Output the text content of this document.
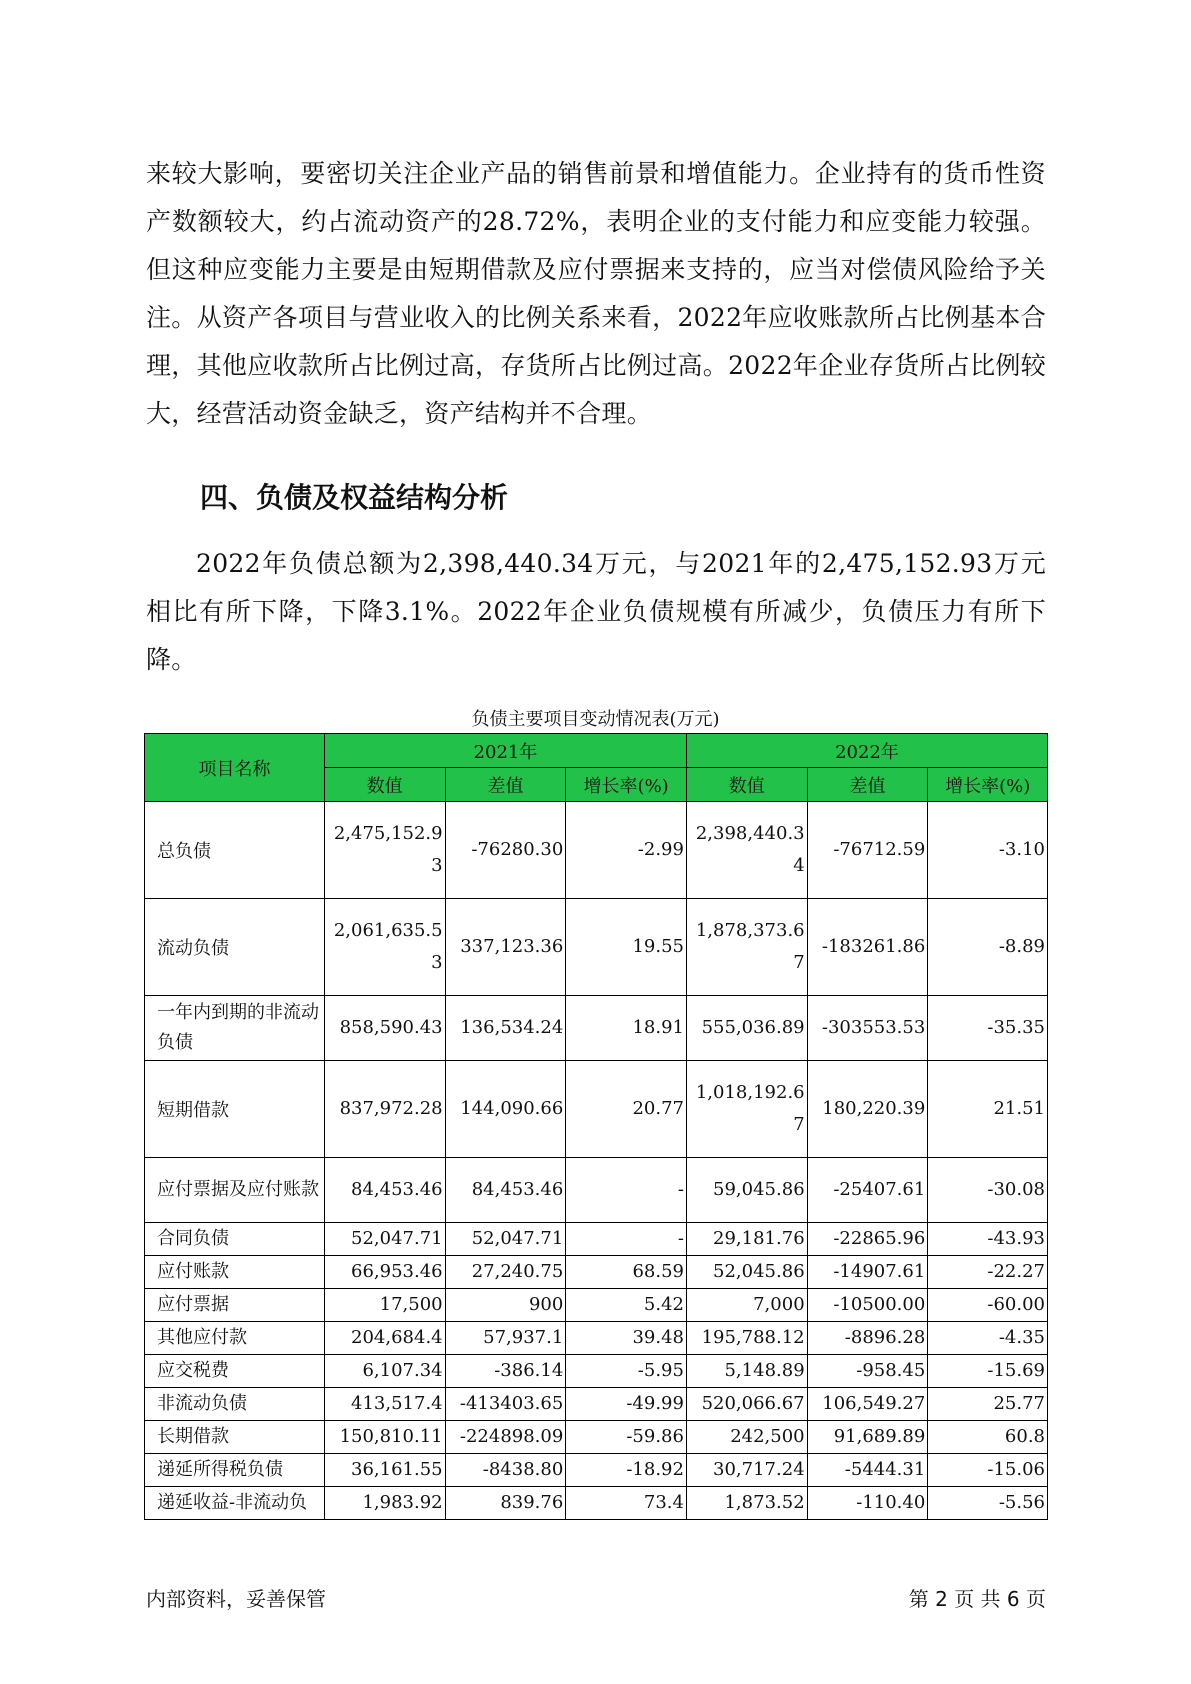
来较大影响，要密切关注企业产品的销售前景和增值能力。企业持有的货币性资产数额较大，约占流动资产的28.72%，表明企业的支付能力和应变能力较强。但这种应变能力主要是由短期借款及应付票据来支持的，应当对偿债风险给予关注。从资产各项目与营业收入的比例关系来看，2022年应收账款所占比例基本合理，其他应收款所占比例过高，存货所占比例过高。2022年企业存货所占比例较大，经营活动资金缺乏，资产结构并不合理。

四、负债及权益结构分析

2022年负债总额为2,398,440.34万元，与2021年的2,475,152.93万元相比有所下降，下降3.1%。2022年企业负债规模有所减少，负债压力有所下降。

负债主要项目变动情况表(万元)

项目名称	2021年			2022年		
	数值	差值	增长率(%)	数值	差值	增长率(%)
总负债	2,475,152.93	-76280.30	-2.99	2,398,440.34	-76712.59	-3.10
流动负债	2,061,635.53	337,123.36	19.55	1,878,373.67	-183261.86	-8.89
一年内到期的非流动负债	858,590.43	136,534.24	18.91	555,036.89	-303553.53	-35.35
短期借款	837,972.28	144,090.66	20.77	1,018,192.67	180,220.39	21.51
应付票据及应付账款	84,453.46	84,453.46	-	59,045.86	-25407.61	-30.08
合同负债	52,047.71	52,047.71	-	29,181.76	-22865.96	-43.93
应付账款	66,953.46	27,240.75	68.59	52,045.86	-14907.61	-22.27
应付票据	17,500	900	5.42	7,000	-10500.00	-60.00
其他应付款	204,684.4	57,937.1	39.48	195,788.12	-8896.28	-4.35
应交税费	6,107.34	-386.14	-5.95	5,148.89	-958.45	-15.69
非流动负债	413,517.4	-413403.65	-49.99	520,066.67	106,549.27	25.77
长期借款	150,810.11	-224898.09	-59.86	242,500	91,689.89	60.8
递延所得税负债	36,161.55	-8438.80	-18.92	30,717.24	-5444.31	-15.06
递延收益-非流动负	1,983.92	839.76	73.4	1,873.52	-110.40	-5.56

内部资料，妥善保管	第 2 页 共 6 页
